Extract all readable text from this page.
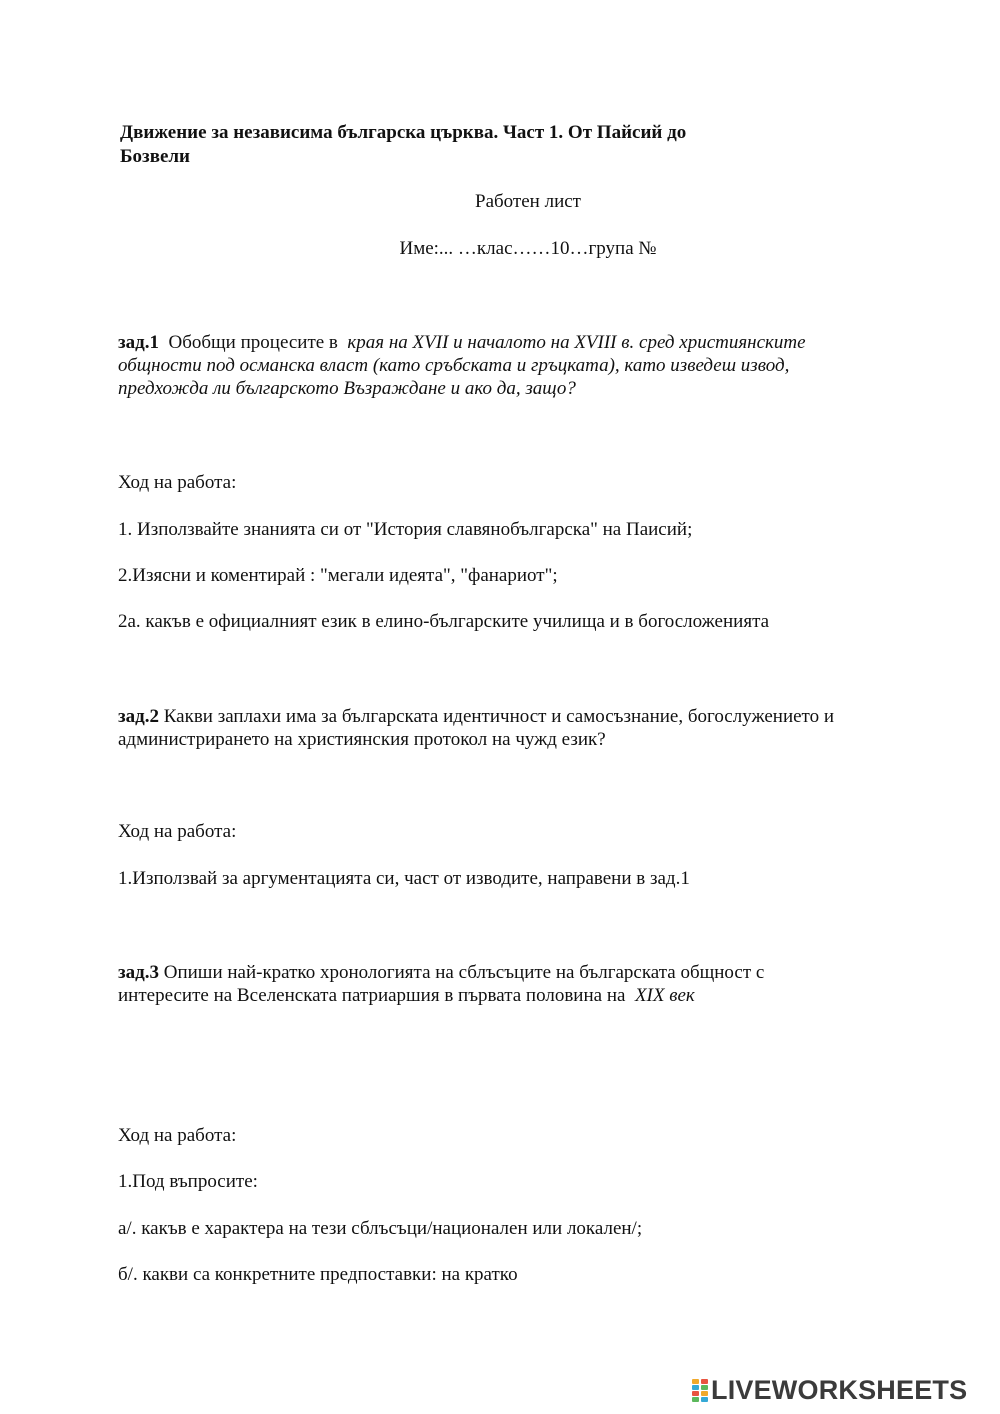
Движение за независима българска църква. Част 1. От Пайсий до

Бозвели

Работен лист

Име:... …клас……10…група №

зад.1  Обобщи процесите в  края на XVII и началото на XVIII в. сред християнските

общности под османска власт (като сръбската и гръцката), като изведеш извод,

предхожда ли българското Възраждане и ако да, защо?

Ход на работа:

1. Използвайте знанията си от "История славянобългарска" на Паисий;

2.Изясни и коментирай : "мегали идеята", "фанариот";

2а. какъв е официалният език в елино-българските училища и в богосложенията

зад.2 Какви заплахи има за българската идентичност и самосъзнание, богослужението и

администрирането на християнския протокол на чужд език?

Ход на работа:

1.Използвай за аргументацията си, част от изводите, направени в зад.1

зад.3 Опиши най-кратко хронологията на сблъсъците на българската общност с

интересите на Вселенската патриаршия в първата половина на  XIX век

Ход на работа:

1.Под въпросите:

а/. какъв е характера на тези сблъсъци/национален или локален/;

б/. какви са конкретните предпоставки: на кратко

LIVEWORKSHEETS
